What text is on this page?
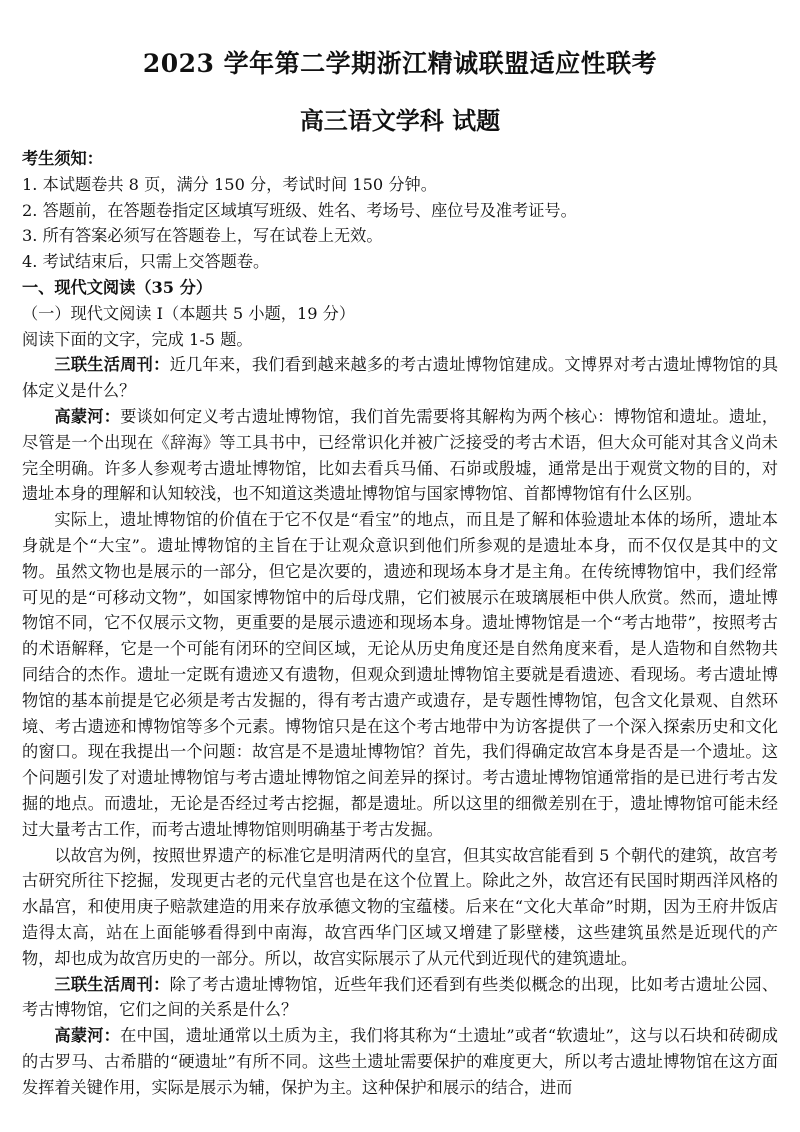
2023 学年第二学期浙江精诚联盟适应性联考
高三语文学科 试题
考生须知：
1. 本试题卷共 8 页，满分 150 分，考试时间 150 分钟。
2. 答题前，在答题卷指定区域填写班级、姓名、考场号、座位号及准考证号。
3. 所有答案必须写在答题卷上，写在试卷上无效。
4. 考试结束后，只需上交答题卷。
一、现代文阅读（35 分）
（一）现代文阅读 I（本题共 5 小题，19 分）
阅读下面的文字，完成 1-5 题。
三联生活周刊：近几年来，我们看到越来越多的考古遗址博物馆建成。文博界对考古遗址博物馆的具体定义是什么？
高蒙河：要谈如何定义考古遗址博物馆，我们首先需要将其解构为两个核心：博物馆和遗址。遗址，尽管是一个出现在《辞海》等工具书中，已经常识化并被广泛接受的考古术语，但大众可能对其含义尚未完全明确。许多人参观考古遗址博物馆，比如去看兵马俑、石峁或殷墟，通常是出于观赏文物的目的，对遗址本身的理解和认知较浅，也不知道这类遗址博物馆与国家博物馆、首都博物馆有什么区别。
实际上，遗址博物馆的价值在于它不仅是“看宝”的地点，而且是了解和体验遗址本体的场所，遗址本身就是个“大宝”。遗址博物馆的主旨在于让观众意识到他们所参观的是遗址本身，而不仅仅是其中的文物。虽然文物也是展示的一部分，但它是次要的，遗迹和现场本身才是主角。在传统博物馆中，我们经常可见的是“可移动文物”，如国家博物馆中的后母戊鼎，它们被展示在玻璃展柜中供人欣赏。然而，遗址博物馆不同，它不仅展示文物，更重要的是展示遗迹和现场本身。遗址博物馆是一个“考古地带”，按照考古的术语解释，它是一个可能有闭环的空间区域，无论从历史角度还是自然角度来看，是人造物和自然物共同结合的杰作。遗址一定既有遗迹又有遗物，但观众到遗址博物馆主要就是看遗迹、看现场。考古遗址博物馆的基本前提是它必须是考古发掘的，得有考古遗产或遗存，是专题性博物馆，包含文化景观、自然环境、考古遗迹和博物馆等多个元素。博物馆只是在这个考古地带中为访客提供了一个深入探索历史和文化的窗口。现在我提出一个问题：故宫是不是遗址博物馆？首先，我们得确定故宫本身是否是一个遗址。这个问题引发了对遗址博物馆与考古遗址博物馆之间差异的探讨。考古遗址博物馆通常指的是已进行考古发掘的地点。而遗址，无论是否经过考古挖掘，都是遗址。所以这里的细微差别在于，遗址博物馆可能未经过大量考古工作，而考古遗址博物馆则明确基于考古发掘。
以故宫为例，按照世界遗产的标准它是明清两代的皇宫，但其实故宫能看到 5 个朝代的建筑，故宫考古研究所往下挖掘，发现更古老的元代皇宫也是在这个位置上。除此之外，故宫还有民国时期西洋风格的水晶宫，和使用庚子赔款建造的用来存放承德文物的宝蕴楼。后来在“文化大革命”时期，因为王府井饭店造得太高，站在上面能够看得到中南海，故宫西华门区域又增建了影壁楼，这些建筑虽然是近现代的产物，却也成为故宫历史的一部分。所以，故宫实际展示了从元代到近现代的建筑遗址。
三联生活周刊：除了考古遗址博物馆，近些年我们还看到有些类似概念的出现，比如考古遗址公园、考古博物馆，它们之间的关系是什么？
高蒙河：在中国，遗址通常以土质为主，我们将其称为“土遗址”或者“软遗址”，这与以石块和砖砌成的古罗马、古希腊的“硬遗址”有所不同。这些土遗址需要保护的难度更大，所以考古遗址博物馆在这方面发挥着关键作用，实际是展示为辅，保护为主。这种保护和展示的结合，进而
